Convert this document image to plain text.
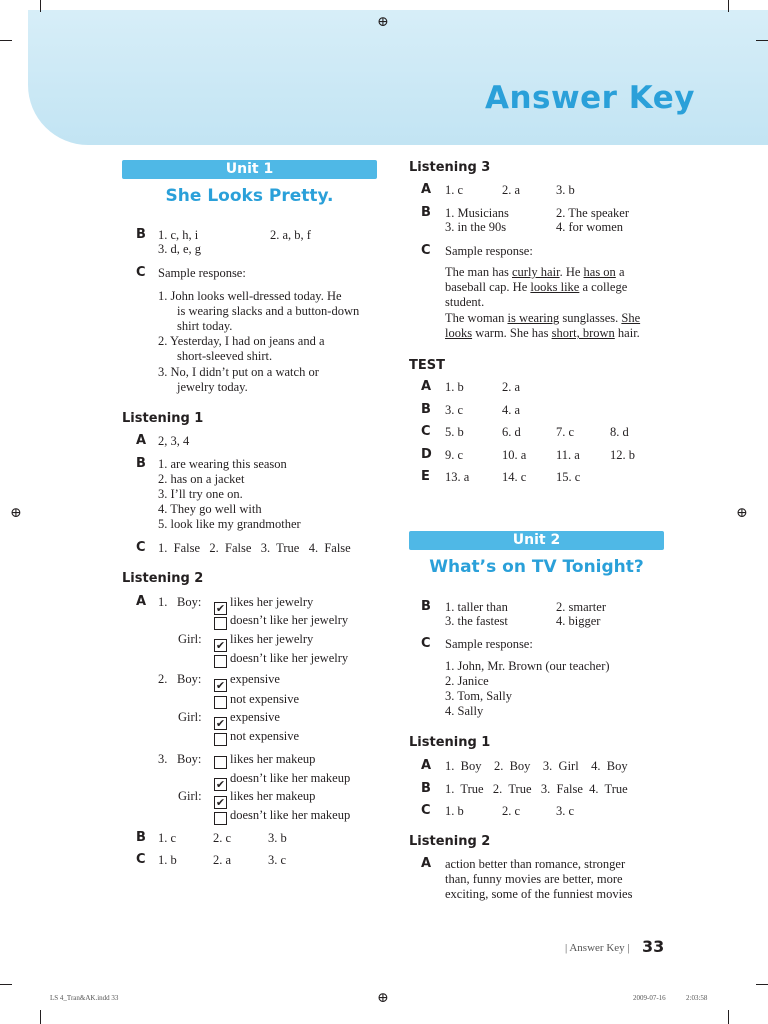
Answer Key
⊕
⊕	⊕
⊕
Unit 1
She Looks Pretty.
B 1. c, h, i	2. a, b, f
3. d, e, g
C Sample response:
1. John looks well-dressed today. He
is wearing slacks and a button-down
shirt today.
2. Yesterday, I had on jeans and a
short-sleeved shirt.
3. No, I didn’t put on a watch or
jewelry today.
Listening 1
A 2, 3, 4
B 1. are wearing this season
2. has on a jacket
3. I’ll try one on.
4. They go well with
5. look like my grandmother
C 1.  False   2.  False   3.  True   4.  False
Listening 2
A 1. Boy: ✔ likes her jewelry
doesn’t like her jewelry
Girl: ✔ likes her jewelry
doesn’t like her jewelry
2. Boy: ✔ expensive
not expensive
Girl: ✔ expensive
not expensive
3. Boy: likes her makeup
✔ doesn’t like her makeup
Girl: ✔ likes her makeup
doesn’t like her makeup
B 1. c	2. c	3. b
C 1. b	2. a	3. c
Listening 3
A 1. c	2. a	3. b
B 1. Musicians	2. The speaker
3. in the 90s	4. for women
C Sample response:
The man has curly hair. He has on a
baseball cap. He looks like a college
student.
The woman is wearing sunglasses. She
looks warm. She has short, brown hair.
TEST
A 1. b	2. a
B 3. c	4. a
C 5. b	6. d	7. c	8. d
D 9. c	10. a 11. a 12. b
E 13. a	14. c 15. c
Unit 2
What’s on TV Tonight?
B 1. taller than	2. smarter
3. the fastest	4. bigger
C Sample response:
1. John, Mr. Brown (our teacher)
2. Janice
3. Tom, Sally
4. Sally
Listening 1
A 1.  Boy    2.  Boy    3.  Girl    4.  Boy
B 1.  True   2.  True   3.  False  4.  True
C 1. b	2. c	3. c
Listening 2
A action better than romance, stronger
than, funny movies are better, more
exciting, some of the funniest movies
| Answer Key | 33
LS 4_Tran&AK.indd 33	2009-07-16	2:03:58
